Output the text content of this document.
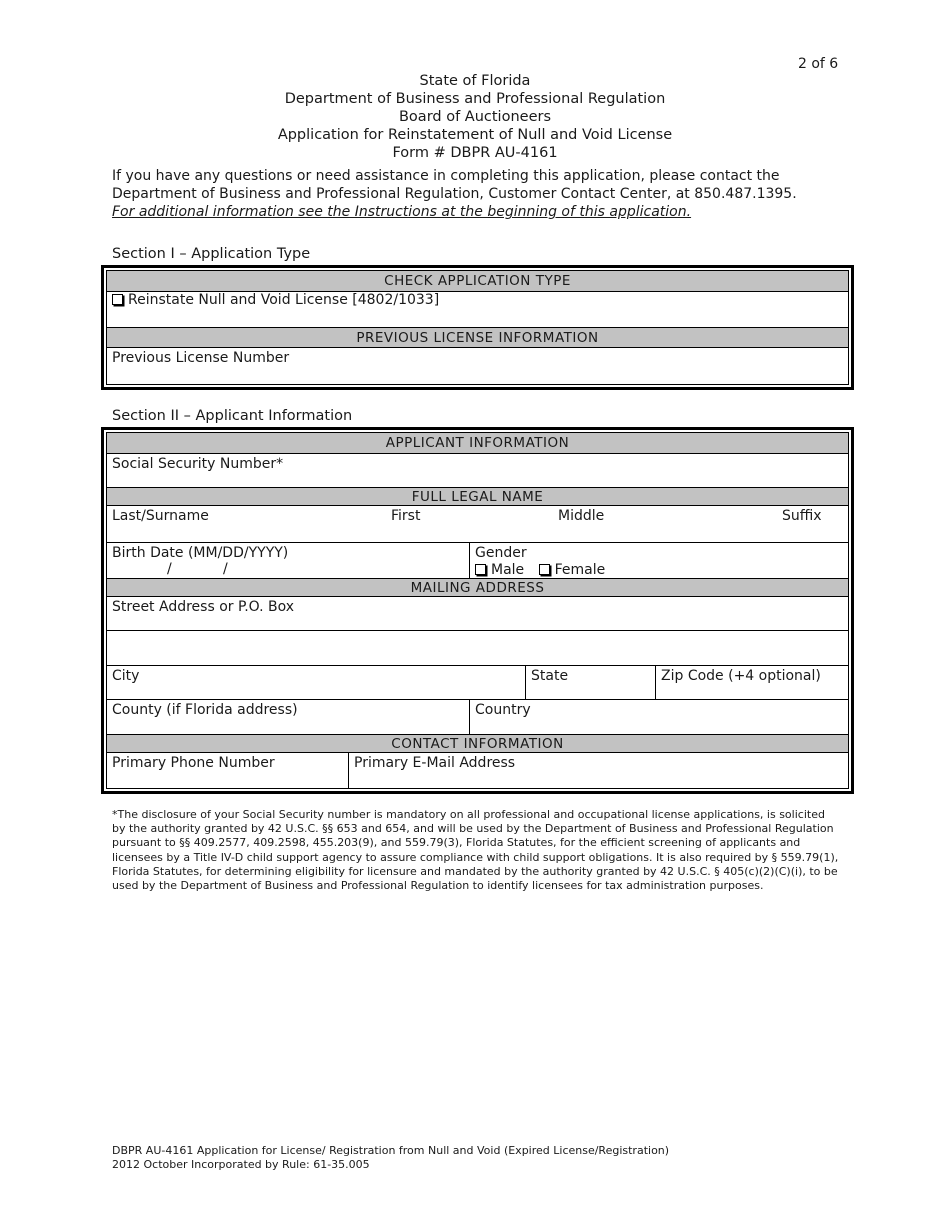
2 of 6
State of Florida
Department of Business and Professional Regulation
Board of Auctioneers
Application for Reinstatement of Null and Void License
Form # DBPR AU-4161
If you have any questions or need assistance in completing this application, please contact the
Department of Business and Professional Regulation, Customer Contact Center, at 850.487.1395.
For additional information see the Instructions at the beginning of this application.
Section I – Application Type
CHECK APPLICATION TYPE
Reinstate Null and Void License [4802/1033]
PREVIOUS LICENSE INFORMATION
Previous License Number
Section II – Applicant Information
APPLICANT INFORMATION
Social Security Number*
FULL LEGAL NAME
Last/Surname	First	Middle	Suffix
Birth Date (MM/DD/YYYY)
/	/
Gender
Male Female
MAILING ADDRESS
Street Address or P.O. Box
City	State	Zip Code (+4 optional)
County (if Florida address)	Country
CONTACT INFORMATION
Primary Phone Number	Primary E-Mail Address
*The disclosure of your Social Security number is mandatory on all professional and occupational license applications, is solicited by the authority granted by 42 U.S.C. §§ 653 and 654, and will be used by the Department of Business and Professional Regulation pursuant to §§ 409.2577, 409.2598, 455.203(9), and 559.79(3), Florida Statutes, for the efficient screening of applicants and licensees by a Title IV-D child support agency to assure compliance with child support obligations. It is also required by § 559.79(1), Florida Statutes, for determining eligibility for licensure and mandated by the authority granted by 42 U.S.C. § 405(c)(2)(C)(i), to be used by the Department of Business and Professional Regulation to identify licensees for tax administration purposes.
DBPR AU-4161 Application for License/ Registration from Null and Void (Expired License/Registration)
2012 October Incorporated by Rule: 61-35.005
